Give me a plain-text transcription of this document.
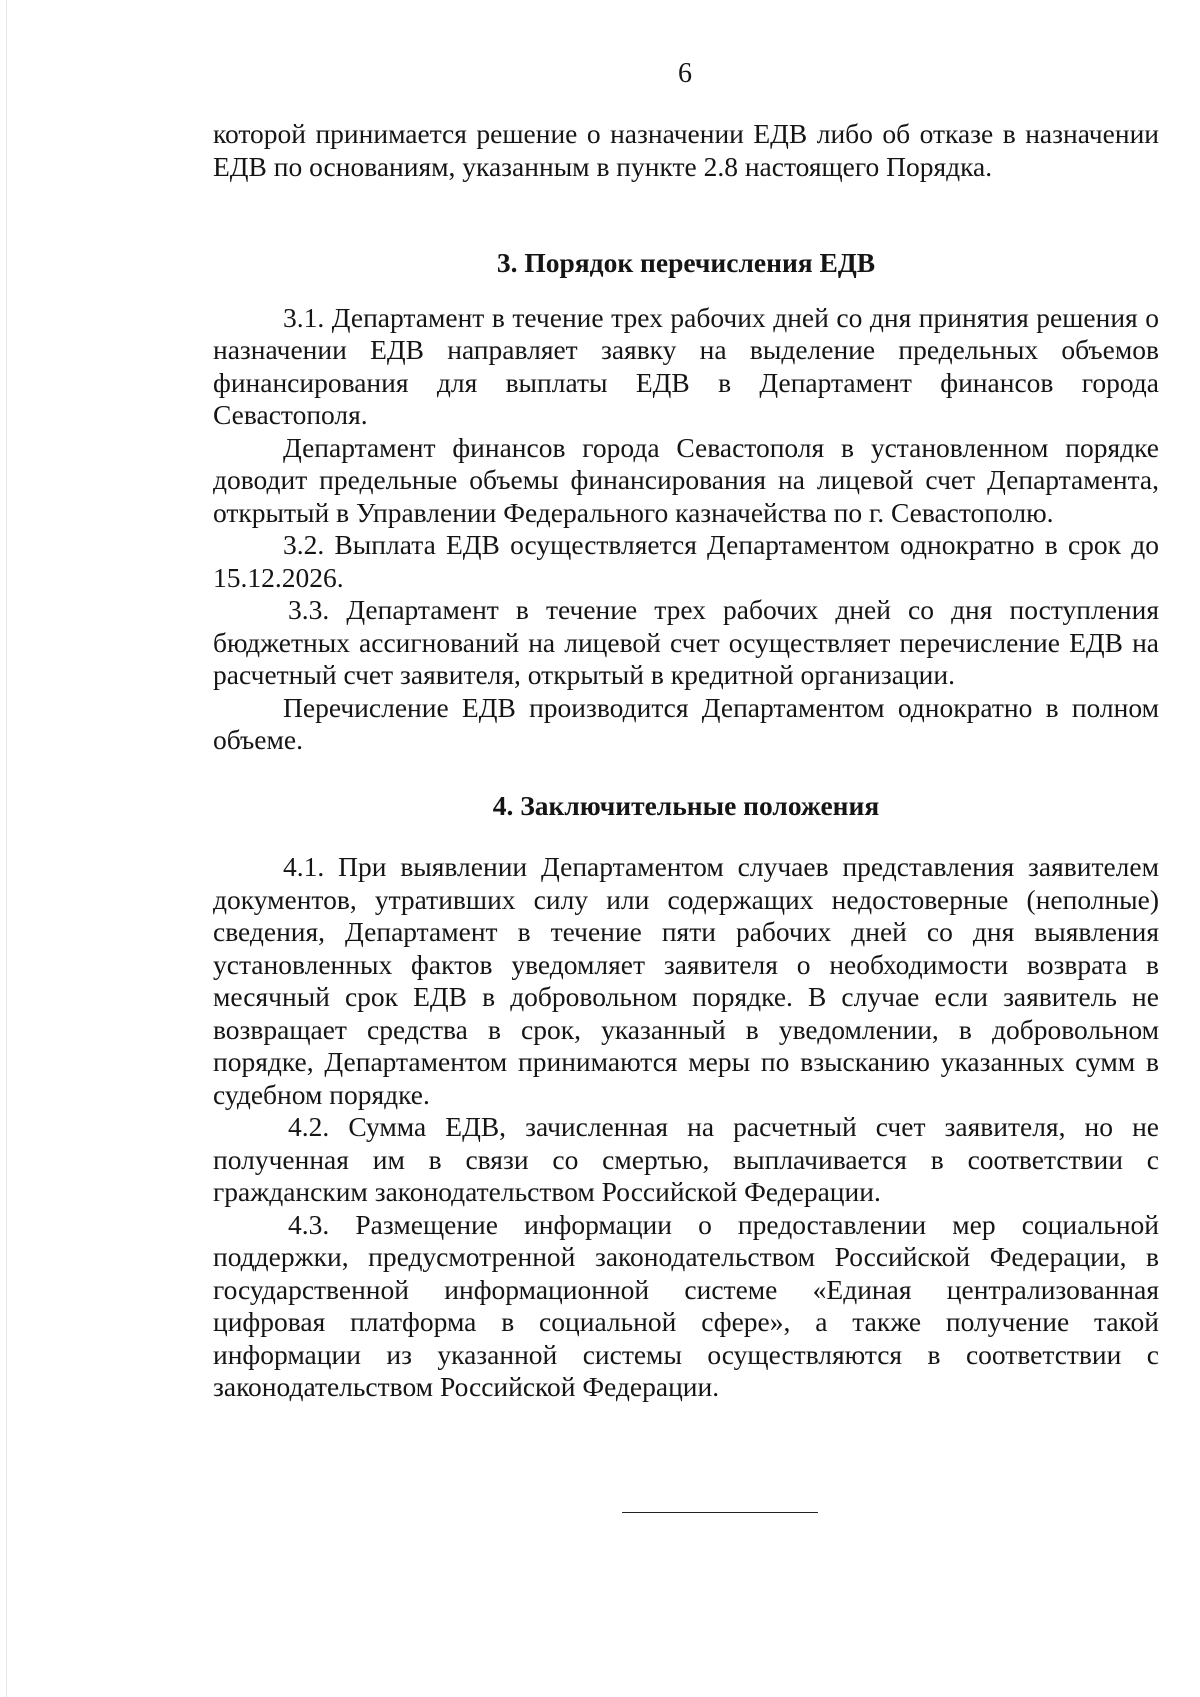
6

которой принимается решение о назначении ЕДВ либо об отказе в назначении ЕДВ по основаниям, указанным в пункте 2.8 настоящего Порядка.

3. Порядок перечисления ЕДВ

3.1. Департамент в течение трех рабочих дней со дня принятия решения о назначении ЕДВ направляет заявку на выделение предельных объемов финансирования для выплаты ЕДВ в Департамент финансов города Севастополя.

Департамент финансов города Севастополя в установленном порядке доводит предельные объемы финансирования на лицевой счет Департамента, открытый в Управлении Федерального казначейства по г. Севастополю.

3.2. Выплата ЕДВ осуществляется Департаментом однократно в срок до 15.12.2026.

3.3. Департамент в течение трех рабочих дней со дня поступления бюджетных ассигнований на лицевой счет осуществляет перечисление ЕДВ на расчетный счет заявителя, открытый в кредитной организации.

Перечисление ЕДВ производится Департаментом однократно в полном объеме.

4. Заключительные положения

4.1. При выявлении Департаментом случаев представления заявителем документов, утративших силу или содержащих недостоверные (неполные) сведения, Департамент в течение пяти рабочих дней со дня выявления установленных фактов уведомляет заявителя о необходимости возврата в месячный срок ЕДВ в добровольном порядке. В случае если заявитель не возвращает средства в срок, указанный в уведомлении, в добровольном порядке, Департаментом принимаются меры по взысканию указанных сумм в судебном порядке.

4.2. Сумма ЕДВ, зачисленная на расчетный счет заявителя, но не полученная им в связи со смертью, выплачивается в соответствии с гражданским законодательством Российской Федерации.

4.3. Размещение информации о предоставлении мер социальной поддержки, предусмотренной законодательством Российской Федерации, в государственной информационной системе «Единая централизованная цифровая платформа в социальной сфере», а также получение такой информации из указанной системы осуществляются в соответствии с законодательством Российской Федерации.
